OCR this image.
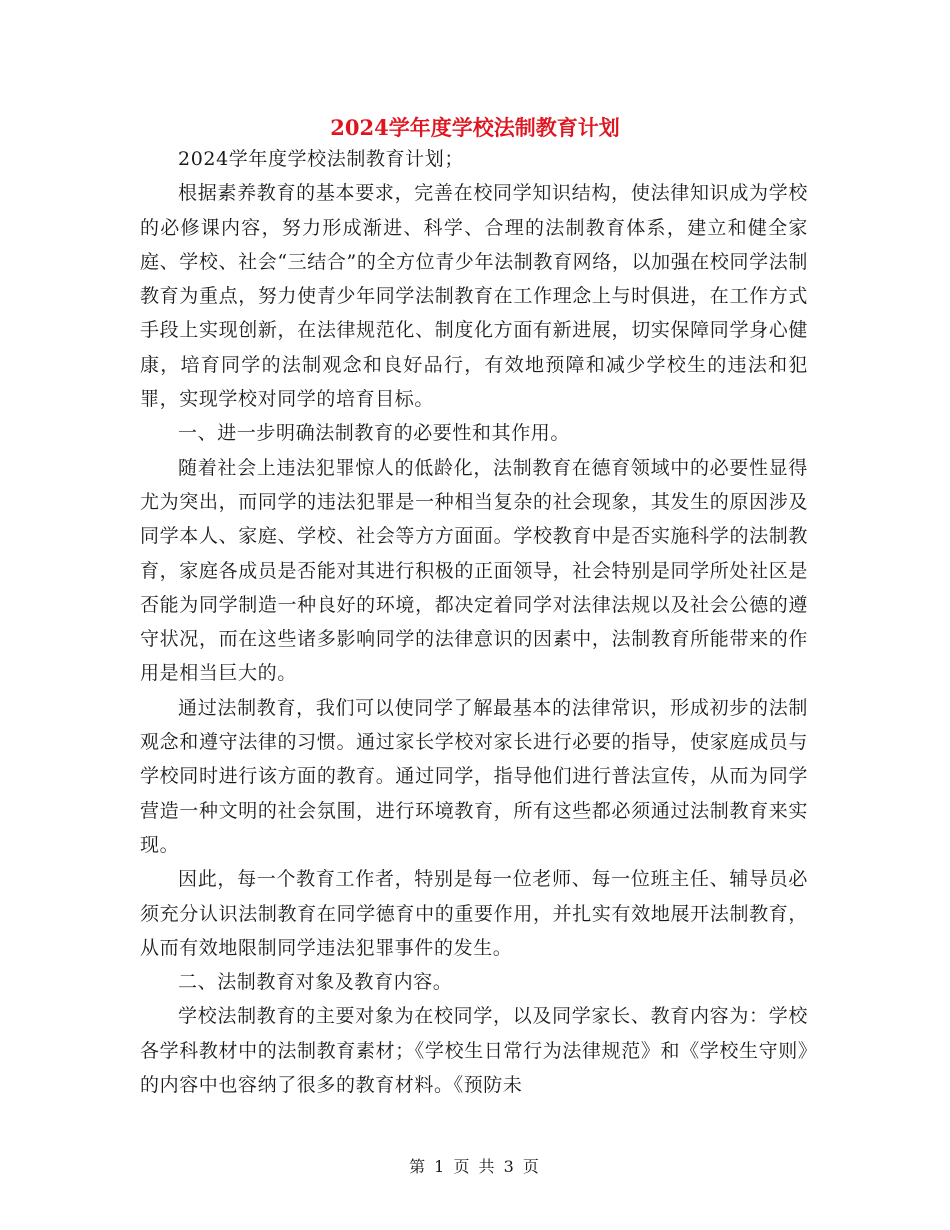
2024学年度学校法制教育计划

2024学年度学校法制教育计划；

根据素养教育的基本要求，完善在校同学知识结构，使法律知识成为学校的必修课内容，努力形成渐进、科学、合理的法制教育体系，建立和健全家庭、学校、社会“三结合”的全方位青少年法制教育网络，以加强在校同学法制教育为重点，努力使青少年同学法制教育在工作理念上与时俱进，在工作方式手段上实现创新，在法律规范化、制度化方面有新进展，切实保障同学身心健康，培育同学的法制观念和良好品行，有效地预障和减少学校生的违法和犯罪，实现学校对同学的培育目标。

一、进一步明确法制教育的必要性和其作用。

随着社会上违法犯罪惊人的低龄化，法制教育在德育领域中的必要性显得尤为突出，而同学的违法犯罪是一种相当复杂的社会现象，其发生的原因涉及同学本人、家庭、学校、社会等方方面面。学校教育中是否实施科学的法制教育，家庭各成员是否能对其进行积极的正面领导，社会特别是同学所处社区是否能为同学制造一种良好的环境，都决定着同学对法律法规以及社会公德的遵守状况，而在这些诸多影响同学的法律意识的因素中，法制教育所能带来的作用是相当巨大的。

通过法制教育，我们可以使同学了解最基本的法律常识，形成初步的法制观念和遵守法律的习惯。通过家长学校对家长进行必要的指导，使家庭成员与学校同时进行该方面的教育。通过同学，指导他们进行普法宣传，从而为同学营造一种文明的社会氛围，进行环境教育，所有这些都必须通过法制教育来实现。

因此，每一个教育工作者，特别是每一位老师、每一位班主任、辅导员必须充分认识法制教育在同学德育中的重要作用，并扎实有效地展开法制教育，从而有效地限制同学违法犯罪事件的发生。

二、法制教育对象及教育内容。

学校法制教育的主要对象为在校同学，以及同学家长、教育内容为：学校各学科教材中的法制教育素材；《学校生日常行为法律规范》和《学校生守则》的内容中也容纳了很多的教育材料。《预防未

第 1 页 共 3 页
